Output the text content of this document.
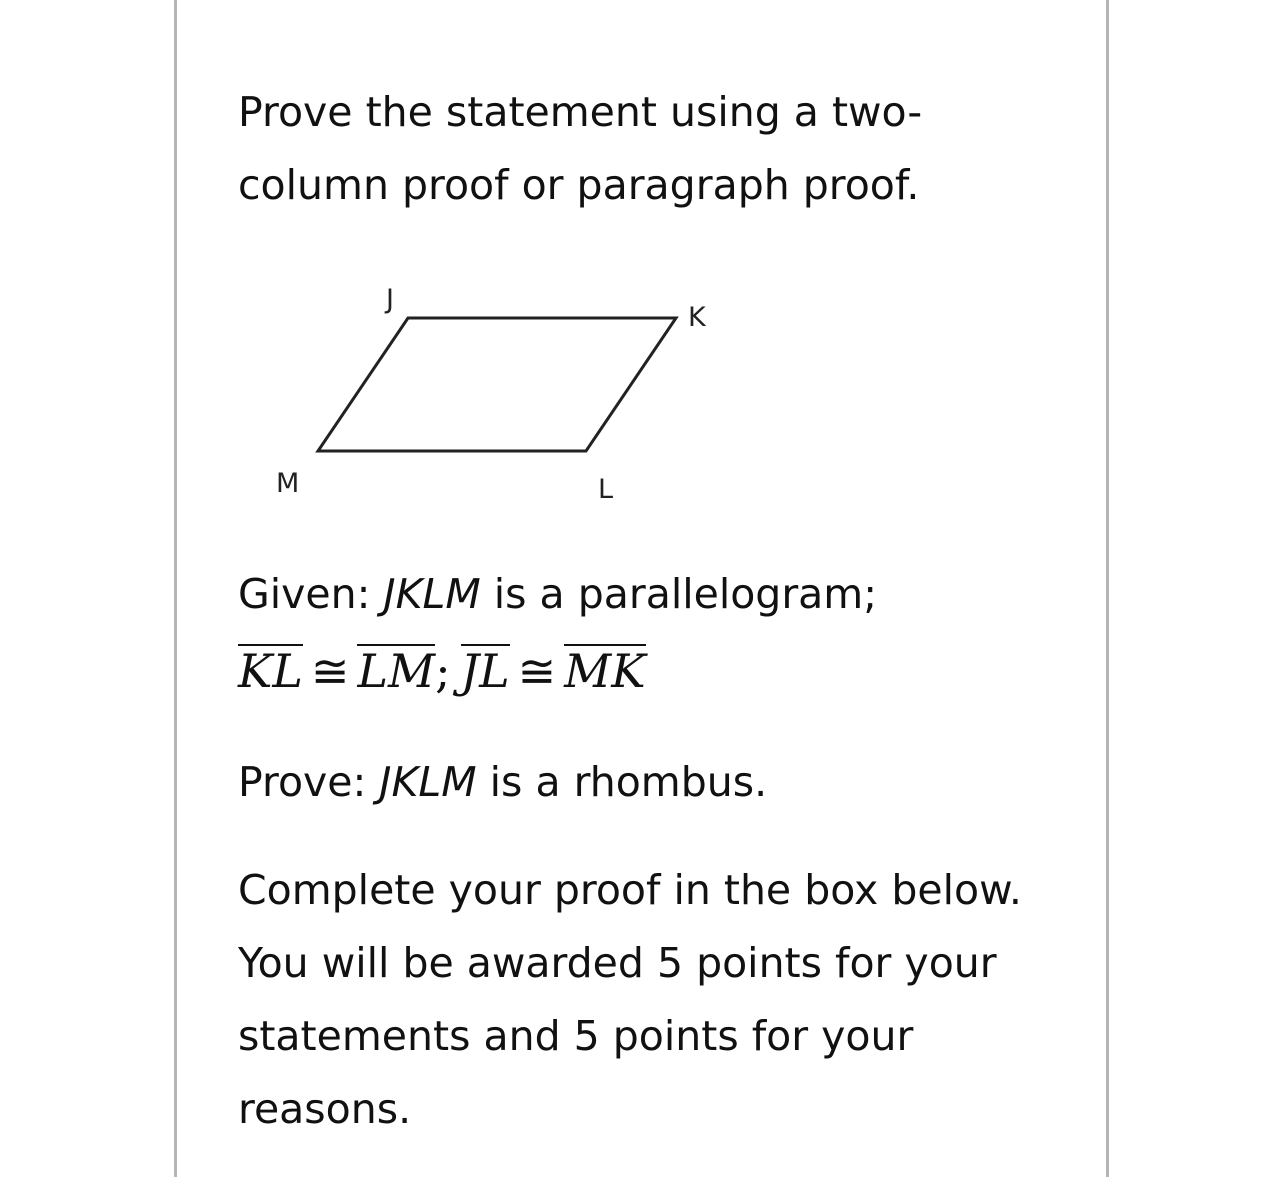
Prove the statement using a two-column proof or paragraph proof.

J
K
L
M

Given: JKLM is a parallelogram;

KL ≅ LM; JL ≅ MK

Prove: JKLM is a rhombus.

Complete your proof in the box below. You will be awarded 5 points for your statements and 5 points for your reasons.
